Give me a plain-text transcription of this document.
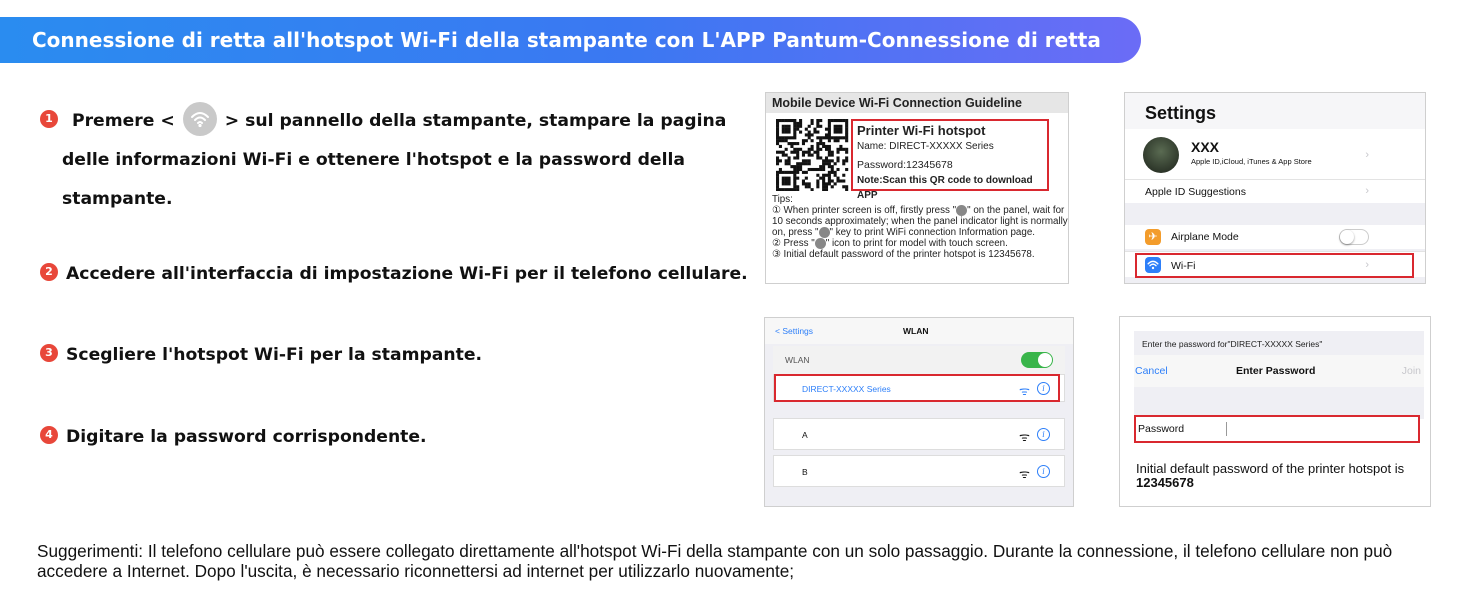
Connessione di retta all'hotspot Wi-Fi della stampante con L'APP Pantum-Connessione di retta
1 Premere <	> sul pannello della stampante, stampare la pagina
delle informazioni Wi-Fi e ottenere l'hotspot e la password della
stampante.
2 Accedere all'interfaccia di impostazione Wi-Fi per il telefono cellulare.
3 Scegliere l'hotspot Wi-Fi per la stampante.
4 Digitare la password corrispondente.
Mobile Device Wi-Fi Connection Guideline
Printer Wi-Fi hotspot
Name: DIRECT-XXXXX Series
Password:12345678
Note:Scan this QR code to download APP
Tips:
① When printer screen is off, firstly press " " on the panel, wait for 10 seconds approximately; when the panel indicator light is normally on, press " " key to print WiFi connection Information page.
② Press " " icon to print for model with touch screen.
③ Initial default password of the printer hotspot is 12345678.
Settings
XXX
Apple ID,iCloud, iTunes & App Store
›
Apple ID Suggestions	›
✈	Airplane Mode
Wi-Fi	›
< Settings	WLAN
WLAN
DIRECT-XXXXX Series	ᯤ	i
A	ᯤ	i
B	ᯤ	i
Enter the password for"DIRECT-XXXXX Series"
Cancel	Enter Password	Join
Password
Initial default password of the printer hotspot is 12345678
Suggerimenti: Il telefono cellulare può essere collegato direttamente all'hotspot Wi-Fi della stampante con un solo passaggio. Durante la connessione, il telefono cellulare non può accedere a Internet. Dopo l'uscita, è necessario riconnettersi ad internet per utilizzarlo nuovamente;
